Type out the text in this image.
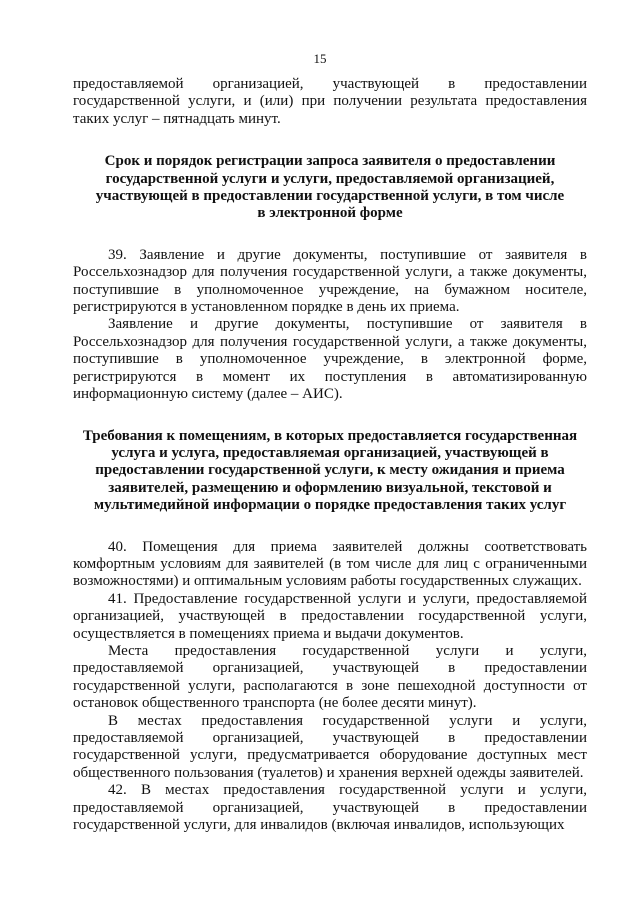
15

предоставляемой организацией, участвующей в предоставлении государственной услуги, и (или) при получении результата предоставления таких услуг – пятнадцать минут.

Срок и порядок регистрации запроса заявителя о предоставлении государственной услуги и услуги, предоставляемой организацией, участвующей в предоставлении государственной услуги, в том числе в электронной форме

39. Заявление и другие документы, поступившие от заявителя в Россельхознадзор для получения государственной услуги, а также документы, поступившие в уполномоченное учреждение, на бумажном носителе, регистрируются в установленном порядке в день их приема.

Заявление и другие документы, поступившие от заявителя в Россельхознадзор для получения государственной услуги, а также документы, поступившие в уполномоченное учреждение, в электронной форме, регистрируются в момент их поступления в автоматизированную информационную систему (далее – АИС).

Требования к помещениям, в которых предоставляется государственная услуга и услуга, предоставляемая организацией, участвующей в предоставлении государственной услуги, к месту ожидания и приема заявителей, размещению и оформлению визуальной, текстовой и мультимедийной информации о порядке предоставления таких услуг

40. Помещения для приема заявителей должны соответствовать комфортным условиям для заявителей (в том числе для лиц с ограниченными возможностями) и оптимальным условиям работы государственных служащих.

41. Предоставление государственной услуги и услуги, предоставляемой организацией, участвующей в предоставлении государственной услуги, осуществляется в помещениях приема и выдачи документов.

Места предоставления государственной услуги и услуги, предоставляемой организацией, участвующей в предоставлении государственной услуги, располагаются в зоне пешеходной доступности от остановок общественного транспорта (не более десяти минут).

В местах предоставления государственной услуги и услуги, предоставляемой организацией, участвующей в предоставлении государственной услуги, предусматривается оборудование доступных мест общественного пользования (туалетов) и хранения верхней одежды заявителей.

42. В местах предоставления государственной услуги и услуги, предоставляемой организацией, участвующей в предоставлении государственной услуги, для инвалидов (включая инвалидов, использующих
